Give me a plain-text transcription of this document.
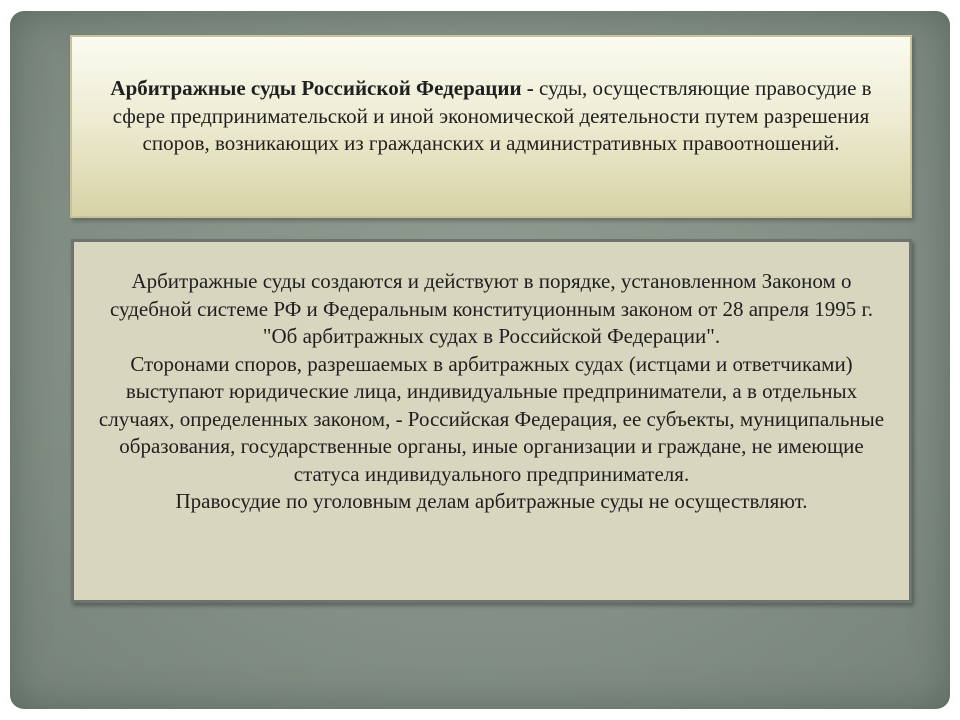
Арбитражные суды Российской Федерации - суды, осуществляющие правосудие в сфере предпринимательской и иной экономической деятельности путем разрешения споров, возникающих из гражданских и административных правоотношений.

Арбитражные суды создаются и действуют в порядке, установленном Законом о судебной системе РФ и Федеральным конституционным законом от 28 апреля 1995 г. "Об арбитражных судах в Российской Федерации".

Сторонами споров, разрешаемых в арбитражных судах (истцами и ответчиками) выступают юридические лица, индивидуальные предприниматели, а в отдельных случаях, определенных законом, - Российская Федерация, ее субъекты, муниципальные образования, государственные органы, иные организации и граждане, не имеющие статуса индивидуального предпринимателя.

Правосудие по уголовным делам арбитражные суды не осуществляют.
